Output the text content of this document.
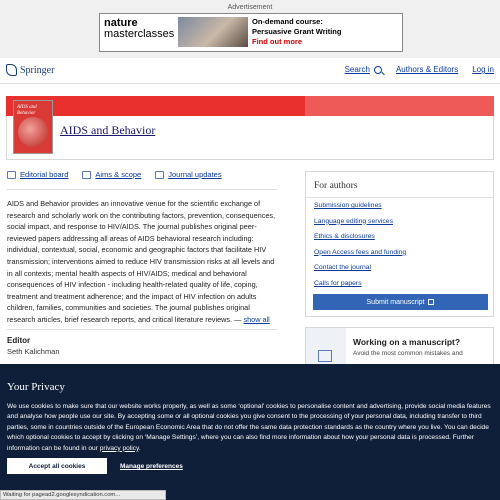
Advertisement
nature
masterclasses
On-demand course:
Persuasive Grant Writing
Find out more
Springer	Search	Authors & Editors Log in
AIDS and Behavior
AIDS and Behavior
Editorial board	Aims & scope	Journal updates
AIDS and Behavior provides an innovative venue for the scientific exchange of research and scholarly work on the contributing factors, prevention, consequences, social impact, and response to HIV/AIDS. The journal publishes original peer-reviewed papers addressing all areas of AIDS behavioral research including: individual, contextual, social, economic and geographic factors that facilitate HIV transmission; interventions aimed to reduce HIV transmission risks at all levels and in all contexts; mental health aspects of HIV/AIDS; medical and behavioral consequences of HIV infection - including health-related quality of life, coping, treatment and treatment adherence; and the impact of HIV infection on adults children, families, communities and societies. The journal publishes original research articles, brief research reports, and critical literature reviews. — show all
Editor
Seth Kalichman
For authors
Submission guidelines
Language editing services
Ethics & disclosures
Open Access fees and funding
Contact the journal
Calls for papers
Submit manuscript
Working on a manuscript?
Avoid the most common mistakes and
Your Privacy
We use cookies to make sure that our website works properly, as well as some ‘optional’ cookies to personalise content and advertising, provide social media features and analyse how people use our site. By accepting some or all optional cookies you give consent to the processing of your personal data, including transfer to third parties, some in countries outside of the European Economic Area that do not offer the same data protection standards as the country where you live. You can decide which optional cookies to accept by clicking on ‘Manage Settings’, where you can also find more information about how your personal data is processed. Further information can be found in our privacy policy.
Accept all cookies	Manage preferences
Waiting for pagead2.googlesyndication.com...
